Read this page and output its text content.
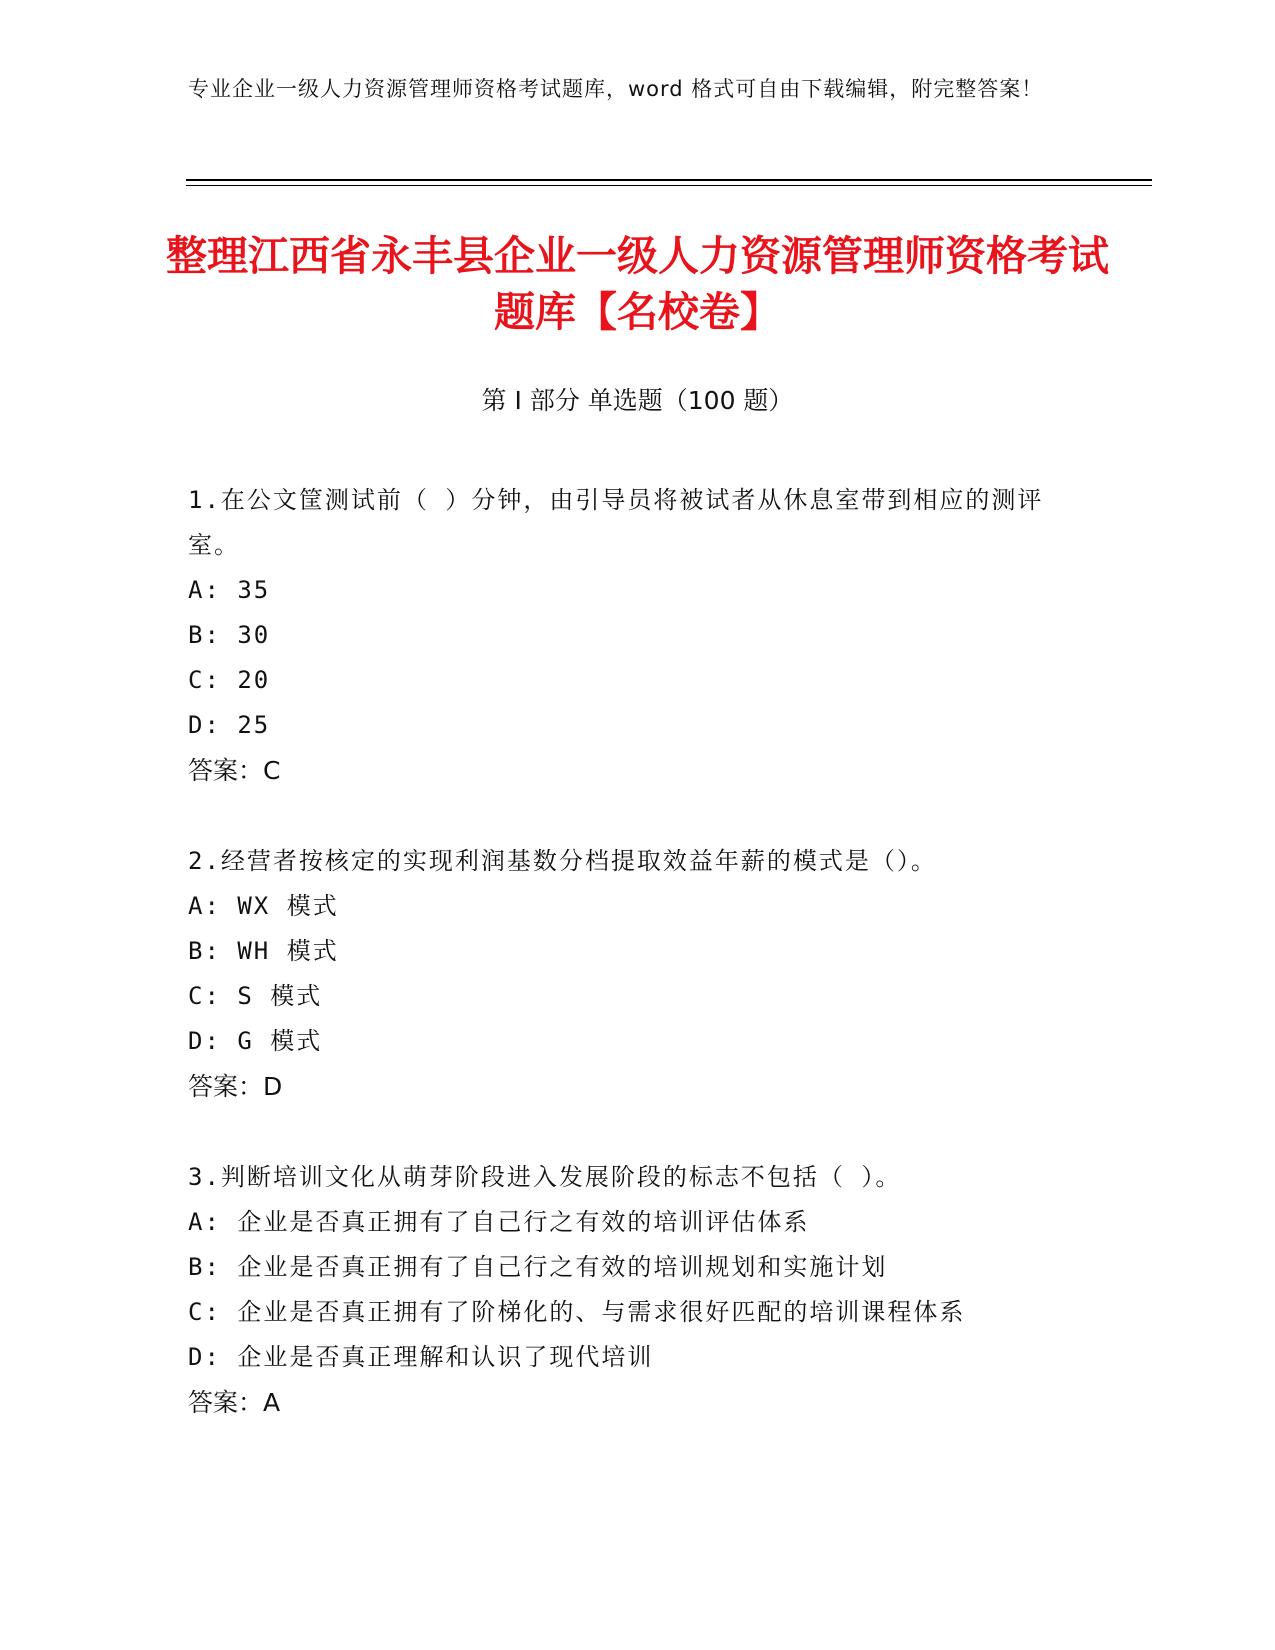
专业企业一级人力资源管理师资格考试题库，word 格式可自由下载编辑，附完整答案！
整理江西省永丰县企业一级人力资源管理师资格考试题库【名校卷】
第 I 部分 单选题（100 题）

1.在公文筐测试前（ ）分钟，由引导员将被试者从休息室带到相应的测评室。

A: 35

B: 30

C: 20

D: 25

答案：C

2.经营者按核定的实现利润基数分档提取效益年薪的模式是（）。

A: WX 模式

B: WH 模式

C: S 模式

D: G 模式

答案：D

3.判断培训文化从萌芽阶段进入发展阶段的标志不包括（ ）。

A: 企业是否真正拥有了自己行之有效的培训评估体系

B: 企业是否真正拥有了自己行之有效的培训规划和实施计划

C: 企业是否真正拥有了阶梯化的、与需求很好匹配的培训课程体系

D: 企业是否真正理解和认识了现代培训

答案：A
